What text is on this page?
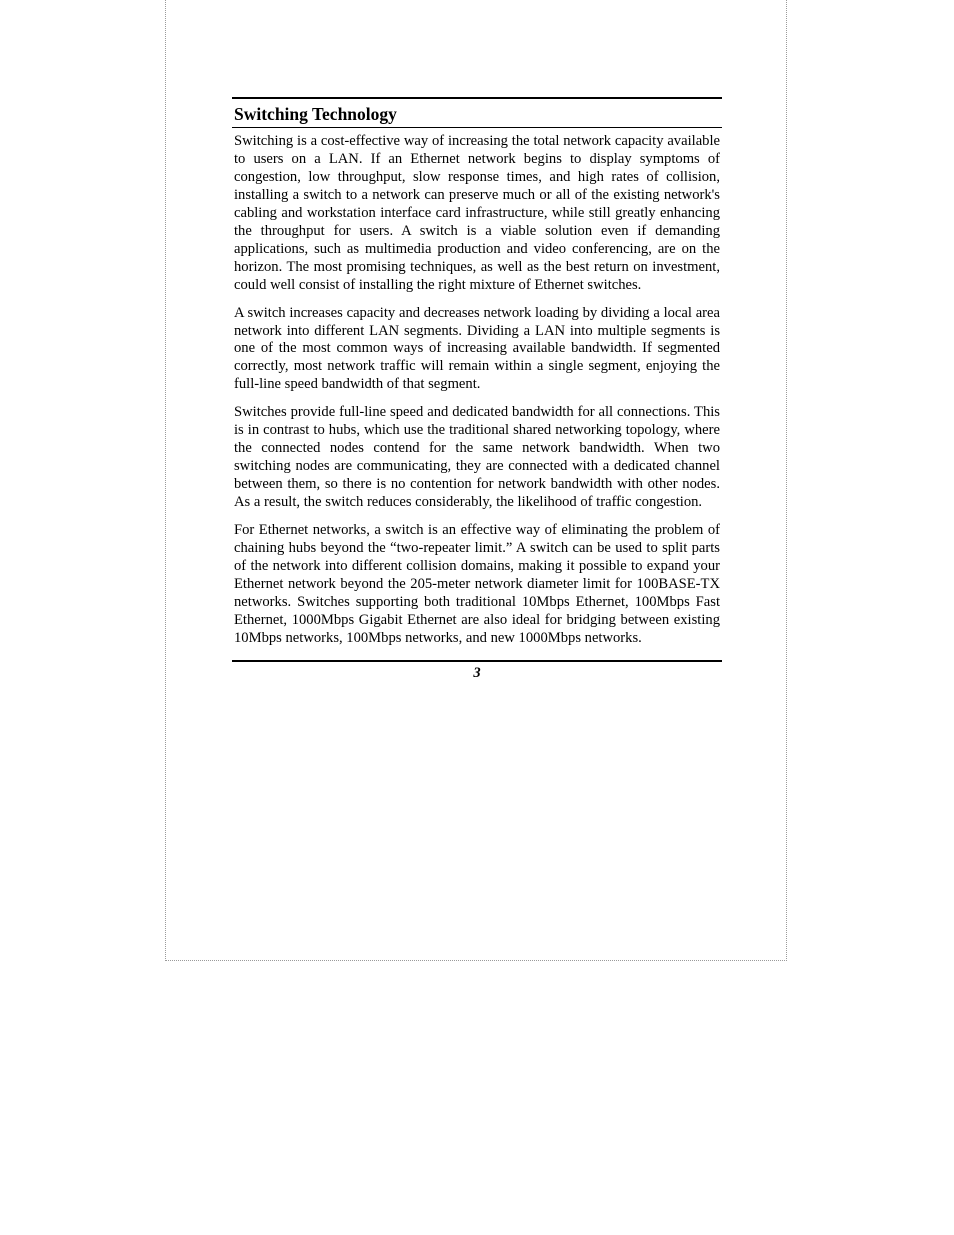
Switching Technology

Switching is a cost-effective way of increasing the total network capacity available to users on a LAN. If an Ethernet network begins to display symptoms of congestion, low throughput, slow response times, and high rates of collision, installing a switch to a network can preserve much or all of the existing network's cabling and workstation interface card infrastructure, while still greatly enhancing the throughput for users. A switch is a viable solution even if demanding applications, such as multimedia production and video conferencing, are on the horizon. The most promising techniques, as well as the best return on investment, could well consist of installing the right mixture of Ethernet switches.

A switch increases capacity and decreases network loading by dividing a local area network into different LAN segments. Dividing a LAN into multiple segments is one of the most common ways of increasing available bandwidth. If segmented correctly, most network traffic will remain within a single segment, enjoying the full-line speed bandwidth of that segment.

Switches provide full-line speed and dedicated bandwidth for all connections. This is in contrast to hubs, which use the traditional shared networking topology, where the connected nodes contend for the same network bandwidth. When two switching nodes are communicating, they are connected with a dedicated channel between them, so there is no contention for network bandwidth with other nodes. As a result, the switch reduces considerably, the likelihood of traffic congestion.

For Ethernet networks, a switch is an effective way of eliminating the problem of chaining hubs beyond the “two-repeater limit.” A switch can be used to split parts of the network into different collision domains, making it possible to expand your Ethernet network beyond the 205-meter network diameter limit for 100BASE-TX networks. Switches supporting both traditional 10Mbps Ethernet, 100Mbps Fast Ethernet, 1000Mbps Gigabit Ethernet are also ideal for bridging between existing 10Mbps networks, 100Mbps networks, and new 1000Mbps networks.

3
